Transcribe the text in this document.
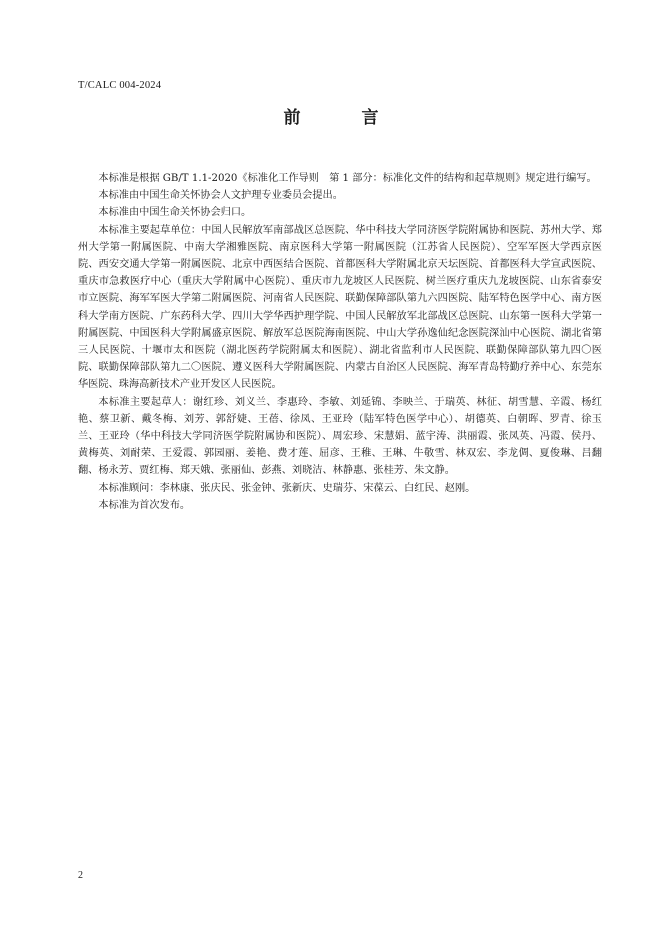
T/CALC 004-2024
前　言

本标准是根据 GB/T 1.1-2020《标准化工作导则　第 1 部分：标准化文件的结构和起草规则》规定进行编写。

本标准由中国生命关怀协会人文护理专业委员会提出。

本标准由中国生命关怀协会归口。

本标准主要起草单位：中国人民解放军南部战区总医院、华中科技大学同济医学院附属协和医院、苏州大学、郑州大学第一附属医院、中南大学湘雅医院、南京医科大学第一附属医院（江苏省人民医院）、空军军医大学西京医院、西安交通大学第一附属医院、北京中西医结合医院、首都医科大学附属北京天坛医院、首都医科大学宣武医院、重庆市急救医疗中心（重庆大学附属中心医院）、重庆市九龙坡区人民医院、树兰医疗重庆九龙坡医院、山东省泰安市立医院、海军军医大学第二附属医院、河南省人民医院、联勤保障部队第九六四医院、陆军特色医学中心、南方医科大学南方医院、广东药科大学、四川大学华西护理学院、中国人民解放军北部战区总医院、山东第一医科大学第一附属医院、中国医科大学附属盛京医院、解放军总医院海南医院、中山大学孙逸仙纪念医院深汕中心医院、湖北省第三人民医院、十堰市太和医院（湖北医药学院附属太和医院）、湖北省监利市人民医院、联勤保障部队第九四〇医院、联勤保障部队第九二〇医院、遵义医科大学附属医院、内蒙古自治区人民医院、海军青岛特勤疗养中心、东莞东华医院、珠海高新技术产业开发区人民医院。

本标准主要起草人：谢红珍、刘义兰、李惠玲、李敏、刘延锦、李映兰、于瑞英、林征、胡雪慧、辛霞、杨红艳、蔡卫新、戴冬梅、刘芳、郭舒婕、王蓓、徐凤、王亚玲（陆军特色医学中心）、胡德英、白朝晖、罗青、徐玉兰、王亚玲（华中科技大学同济医学院附属协和医院）、周宏珍、宋慧娟、蓝宇涛、洪丽霞、张凤英、冯霞、侯丹、黄梅英、刘耐荣、王爱霞、郭园丽、姜艳、费才莲、屈彦、王稚、王琳、牛敬雪、林双宏、李龙倜、夏俊琳、吕翻翻、杨永芳、贾红梅、郑天娥、张丽仙、彭燕、刘晓洁、林静惠、张桂芳、朱文静。

本标准顾问：李林康、张庆民、张金钟、张新庆、史瑞芬、宋葆云、白红民、赵刚。

本标准为首次发布。

2
